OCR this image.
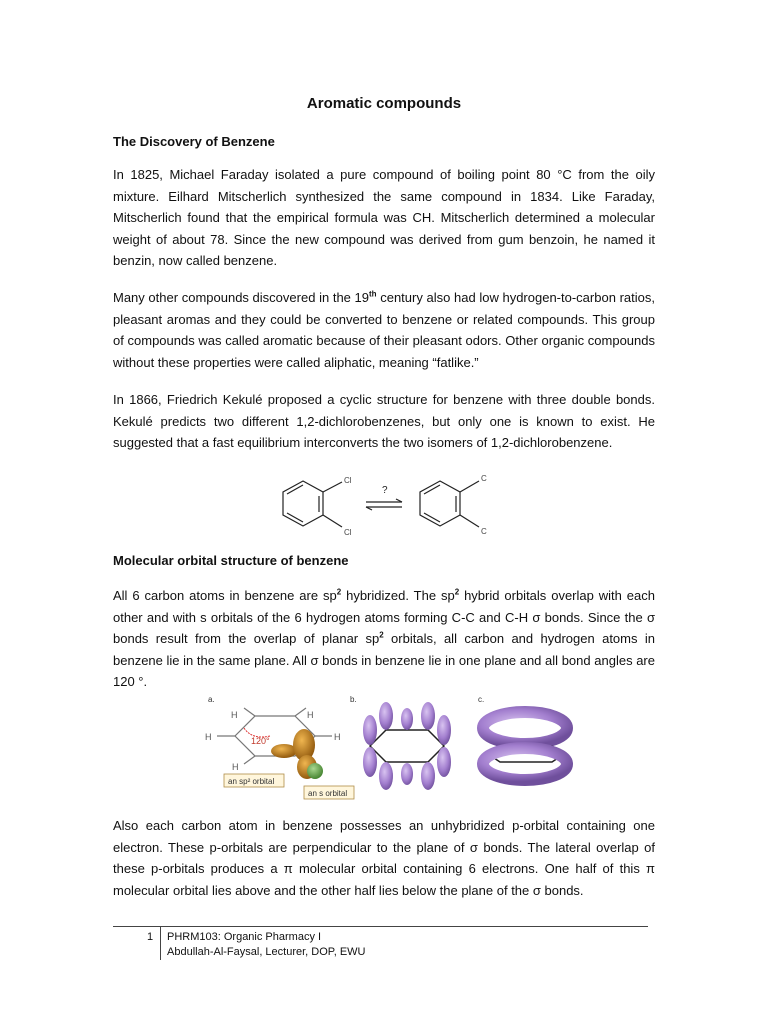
Aromatic compounds
The Discovery of Benzene

In 1825, Michael Faraday isolated a pure compound of boiling point 80 °C from the oily mixture. Eilhard Mitscherlich synthesized the same compound in 1834. Like Faraday, Mitscherlich found that the empirical formula was CH. Mitscherlich determined a molecular weight of about 78. Since the new compound was derived from gum benzoin, he named it benzin, now called benzene.

Many other compounds discovered in the 19th century also had low hydrogen-to-carbon ratios, pleasant aromas and they could be converted to benzene or related compounds. This group of compounds was called aromatic because of their pleasant odors. Other organic compounds without these properties were called aliphatic, meaning “fatlike.”

In 1866, Friedrich Kekulé proposed a cyclic structure for benzene with three double bonds. Kekulé predicts two different 1,2-dichlorobenzenes, but only one is known to exist. He suggested that a fast equilibrium interconverts the two isomers of 1,2-dichlorobenzene.

Cl
Cl
C
C
?
Molecular orbital structure of benzene

All 6 carbon atoms in benzene are $sp^2$ hybridized. The $sp^2$ hybrid orbitals overlap with each other and with s orbitals of the 6 hydrogen atoms forming C-C and C-H σ bonds. Since the σ bonds result from the overlap of planar $sp^2$ orbitals, all carbon and hydrogen atoms in benzene lie in the same plane. All σ bonds in benzene lie in one plane and all bond angles are 120 °.

a.
120°
H	H
H	H
H
an sp² orbital
an s orbital
b.	c.

Also each carbon atom in benzene possesses an unhybridized p-orbital containing one electron. These p-orbitals are perpendicular to the plane of σ bonds. The lateral overlap of these p-orbitals produces a π molecular orbital containing 6 electrons. One half of this π molecular orbital lies above and the other half lies below the plane of the σ bonds.

1 PHRM103: Organic Pharmacy I
Abdullah-Al-Faysal, Lecturer, DOP, EWU
